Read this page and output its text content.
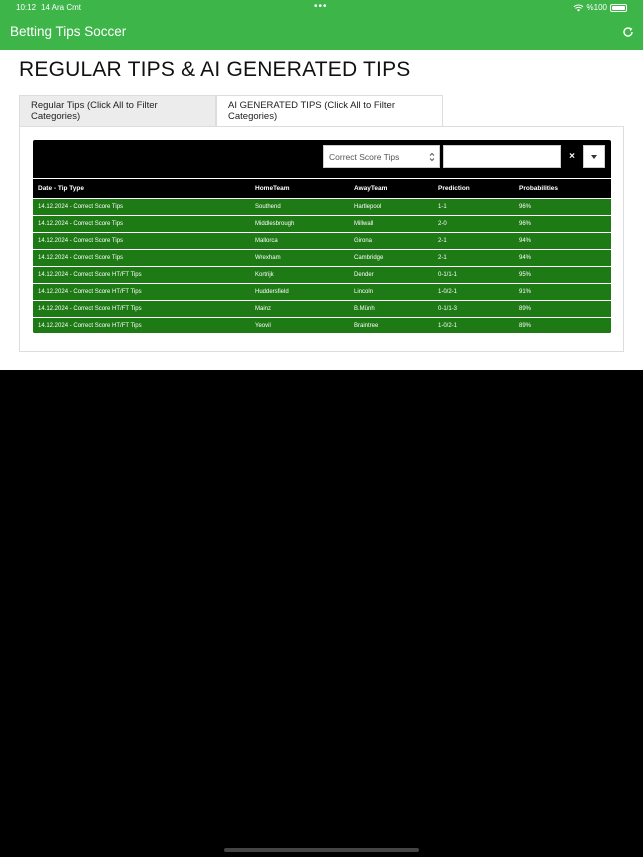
10:12 14 Ara Cmt	•••	%100
Betting Tips Soccer
REGULAR TIPS & AI GENERATED TIPS
Regular Tips (Click All to Filter Categories)
AI GENERATED TIPS (Click All to Filter Categories)
Correct Score Tips	×
Date - Tip Type	HomeTeam	AwayTeam	Prediction	Probabilities
14.12.2024 - Correct Score Tips	Southend	Hartlepool	1-1	96%
14.12.2024 - Correct Score Tips	Middlesbrough	Millwall	2-0	96%
14.12.2024 - Correct Score Tips	Mallorca	Girona	2-1	94%
14.12.2024 - Correct Score Tips	Wrexham	Cambridge	2-1	94%
14.12.2024 - Correct Score HT/FT Tips	Kortrijk	Dender	0-1/1-1	95%
14.12.2024 - Correct Score HT/FT Tips	Huddersfield	Lincoln	1-0/2-1	91%
14.12.2024 - Correct Score HT/FT Tips	Mainz	B.Münh	0-1/1-3	89%
14.12.2024 - Correct Score HT/FT Tips	Yeovil	Braintree	1-0/2-1	89%
